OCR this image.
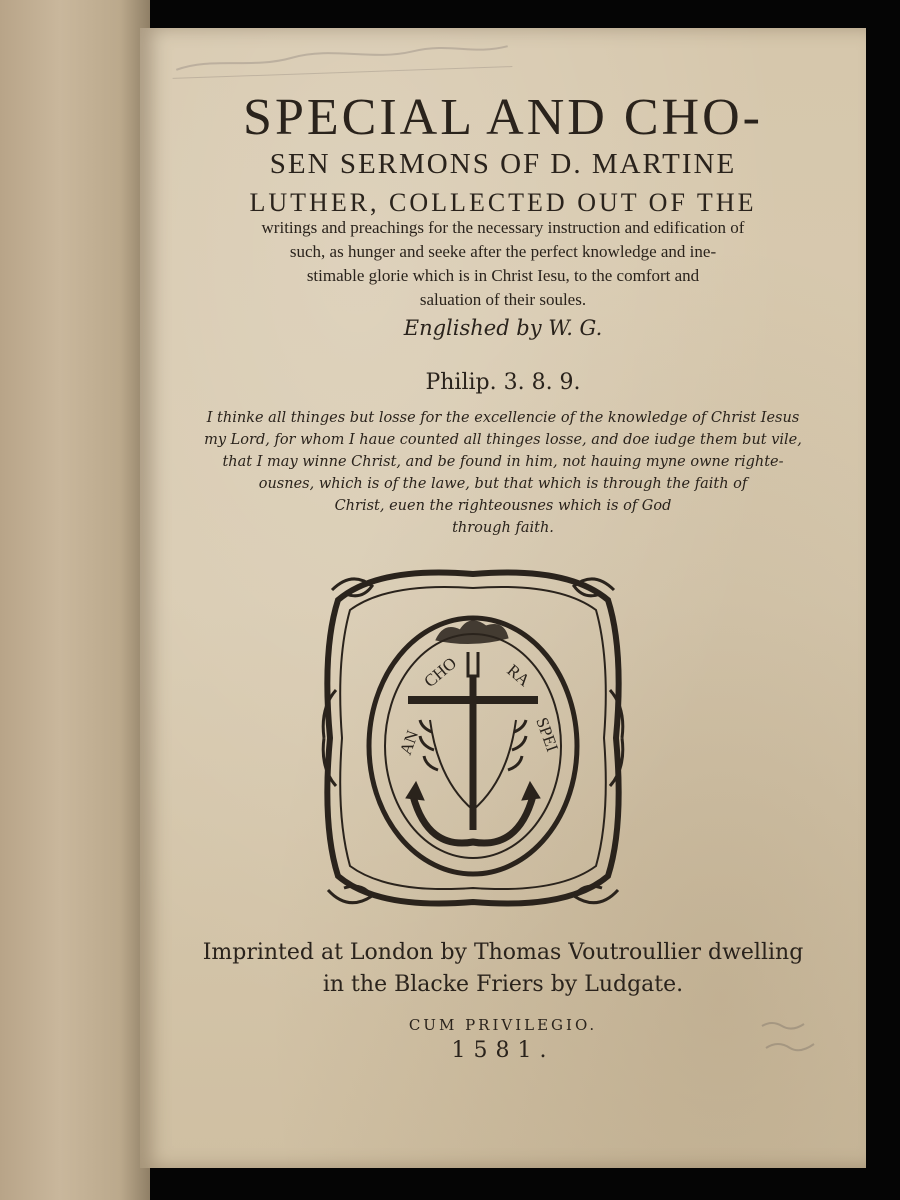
SPECIAL AND CHO-
SEN SERMONS OF D. MARTINE
LUTHER, COLLECTED OUT OF THE
writings and preachings for the necessary instruction and edification of
such, as hunger and seeke after the perfect knowledge and ine-
stimable glorie which is in Christ Iesu, to the comfort and
saluation of their soules.
Englished by W. G.
Philip. 3. 8. 9.
I thinke all thinges but losse for the excellencie of the knowledge of Christ Iesus
my Lord, for whom I haue counted all thinges losse, and doe iudge them but vile,
that I may winne Christ, and be found in him, not hauing myne owne righte-
ousnes, which is of the lawe, but that which is through the faith of
Christ, euen the righteousnes which is of God
through faith.
AN
CHO	RA
SPEI
Imprinted at London by Thomas Voutroullier dwelling
in the Blacke Friers by Ludgate.
CUM PRIVILEGIO.
1581.
